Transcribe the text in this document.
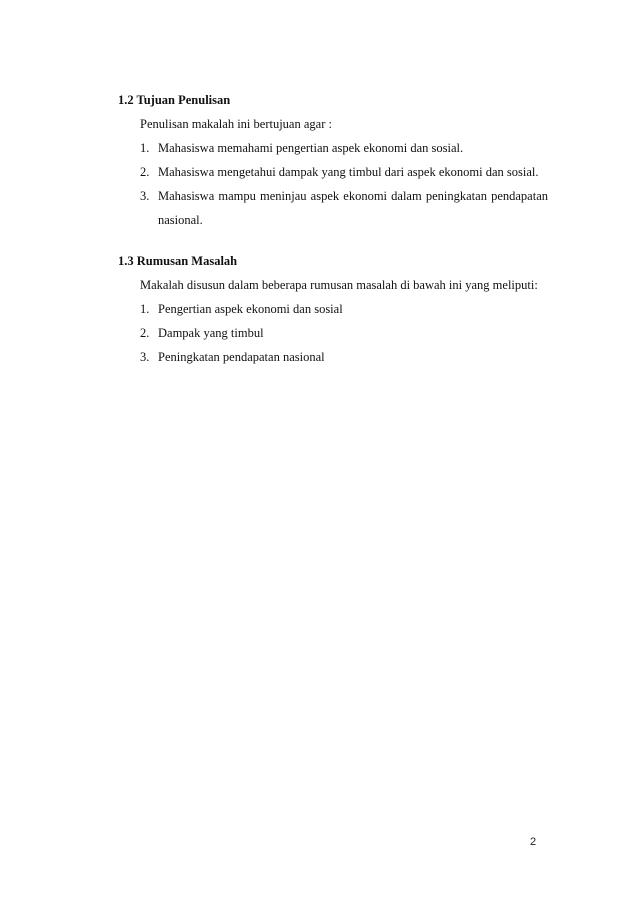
1.2 Tujuan Penulisan

Penulisan makalah ini bertujuan agar :

1. Mahasiswa memahami pengertian aspek ekonomi dan sosial.
2. Mahasiswa mengetahui dampak yang timbul dari aspek ekonomi dan sosial.
3. Mahasiswa mampu meninjau aspek ekonomi dalam peningkatan pendapatan nasional.
1.3 Rumusan Masalah

Makalah disusun dalam beberapa rumusan masalah di bawah ini yang meliputi:

1. Pengertian aspek ekonomi dan sosial
2. Dampak yang timbul
3. Peningkatan pendapatan nasional
2
